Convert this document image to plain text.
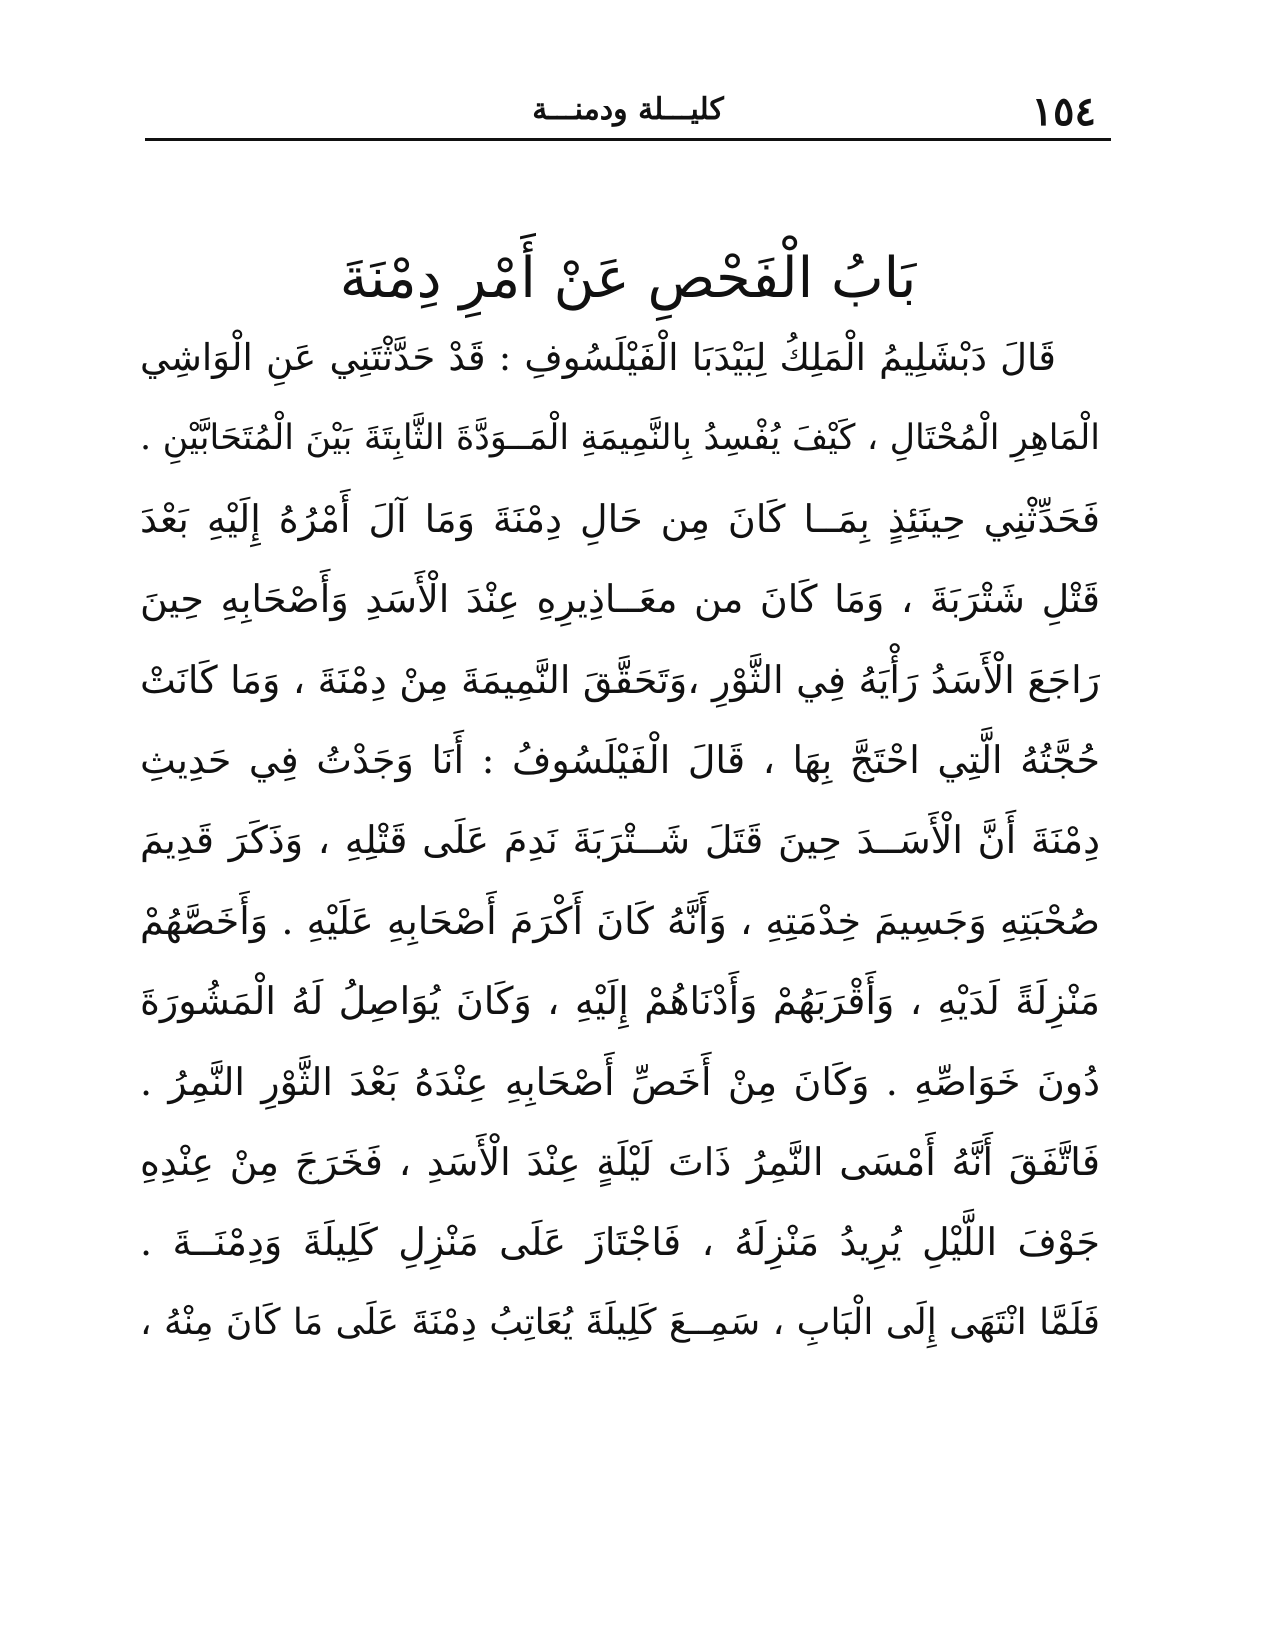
١٥٤
كليـــلة ودمنـــة
بَابُ الْفَحْصِ عَنْ أَمْرِ دِمْنَةَ
قَالَ دَبْشَلِيمُ الْمَلِكُ لِبَيْدَبَا الْفَيْلَسُوفِ : قَدْ حَدَّثْتَنِي عَنِ الْوَاشِي
الْمَاهِرِ الْمُحْتَالِ ، كَيْفَ يُفْسِدُ بِالنَّمِيمَةِ الْمَــوَدَّةَ الثَّابِتَةَ بَيْنَ الْمُتَحَابَّيْنِ .
فَحَدِّثْنِي حِينَئِذٍ بِمَــا كَانَ مِن حَالِ دِمْنَةَ وَمَا آلَ أَمْرُهُ إِلَيْهِ بَعْدَ
قَتْلِ شَتْرَبَةَ ، وَمَا كَانَ من معَــاذِيرِهِ عِنْدَ الْأَسَدِ وَأَصْحَابِهِ حِينَ
رَاجَعَ الْأَسَدُ رَأْيَهُ فِي الثَّوْرِ ،وَتَحَقَّقَ النَّمِيمَةَ مِنْ دِمْنَةَ ، وَمَا كَانَتْ
حُجَّتُهُ الَّتِي احْتَجَّ بِهَا ، قَالَ الْفَيْلَسُوفُ : أَنَا وَجَدْتُ فِي حَدِيثِ
دِمْنَةَ أَنَّ الْأَسَــدَ حِينَ قَتَلَ شَــتْرَبَةَ نَدِمَ عَلَى قَتْلِهِ ، وَذَكَرَ قَدِيمَ
صُحْبَتِهِ وَجَسِيمَ خِدْمَتِهِ ، وَأَنَّهُ كَانَ أَكْرَمَ أَصْحَابِهِ عَلَيْهِ . وَأَخَصَّهُمْ
مَنْزِلَةً لَدَيْهِ ، وَأَقْرَبَهُمْ وَأَدْنَاهُمْ إِلَيْهِ ، وَكَانَ يُوَاصِلُ لَهُ الْمَشُورَةَ
دُونَ خَوَاصِّهِ . وَكَانَ مِنْ أَخَصِّ أَصْحَابِهِ عِنْدَهُ بَعْدَ الثَّوْرِ النَّمِرُ .
فَاتَّفَقَ أَنَّهُ أَمْسَى النَّمِرُ ذَاتَ لَيْلَةٍ عِنْدَ الْأَسَدِ ، فَخَرَجَ مِنْ عِنْدِهِ
جَوْفَ اللَّيْلِ يُرِيدُ مَنْزِلَهُ ، فَاجْتَازَ عَلَى مَنْزِلِ كَلِيلَةَ وَدِمْنَــةَ .
فَلَمَّا انْتَهَى إِلَى الْبَابِ ، سَمِــعَ كَلِيلَةَ يُعَاتِبُ دِمْنَةَ عَلَى مَا كَانَ مِنْهُ ،
